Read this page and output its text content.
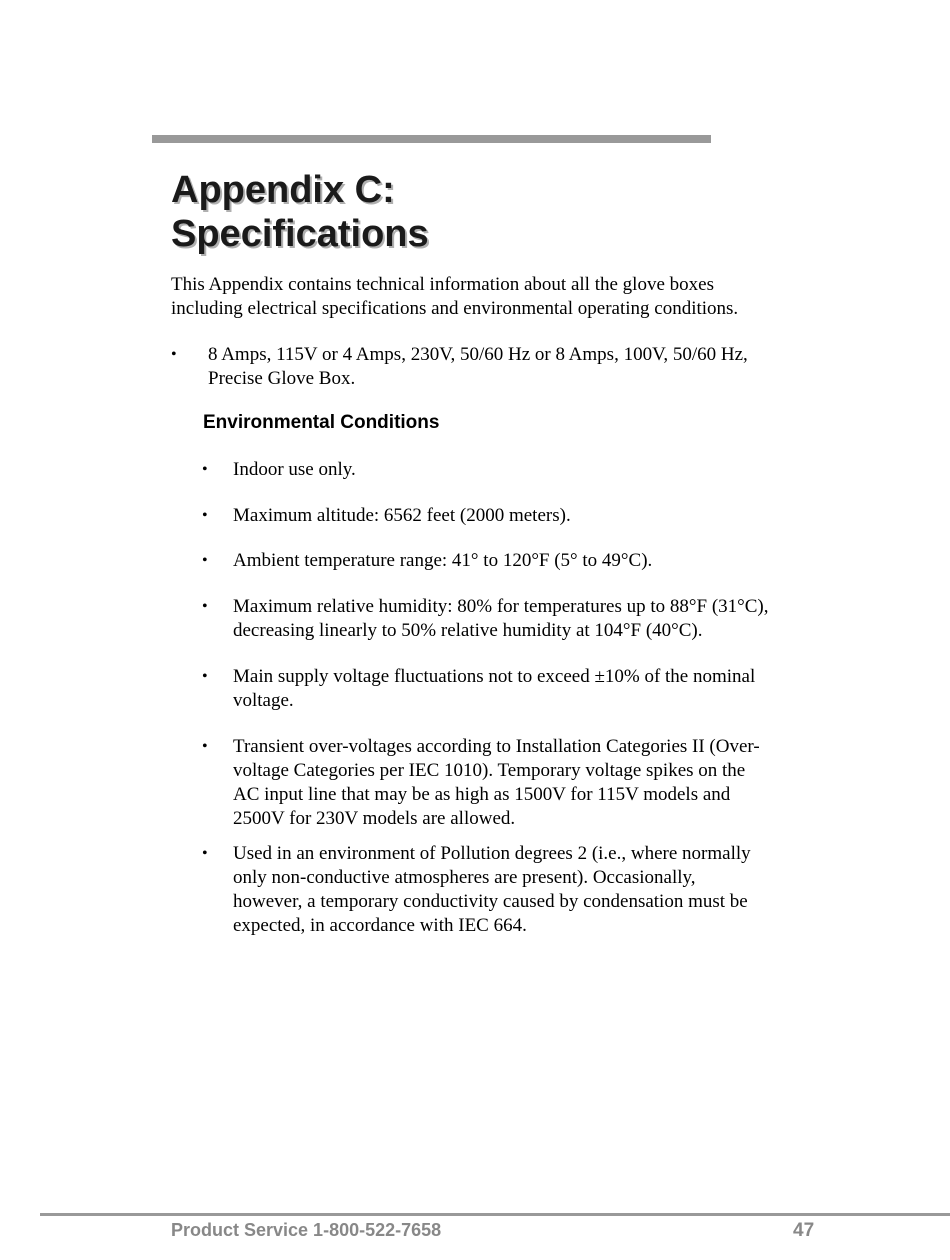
Appendix C:
Specifications

This Appendix contains technical information about all the glove boxes
including electrical specifications and environmental operating conditions.

• 8 Amps, 115V or 4 Amps, 230V, 50/60 Hz or 8 Amps, 100V, 50/60 Hz,
Precise Glove Box.
Environmental Conditions
• Indoor use only.
• Maximum altitude: 6562 feet (2000 meters).
• Ambient temperature range: 41° to 120°F (5° to 49°C).
• Maximum relative humidity: 80% for temperatures up to 88°F (31°C),
decreasing linearly to 50% relative humidity at 104°F (40°C).
• Main supply voltage fluctuations not to exceed ±10% of the nominal
voltage.
• Transient over-voltages according to Installation Categories II (Over-
voltage Categories per IEC 1010). Temporary voltage spikes on the
AC input line that may be as high as 1500V for 115V models and
2500V for 230V models are allowed.
• Used in an environment of Pollution degrees 2 (i.e., where normally
only non-conductive atmospheres are present). Occasionally,
however, a temporary conductivity caused by condensation must be
expected, in accordance with IEC 664.
Product Service 1-800-522-7658	47
